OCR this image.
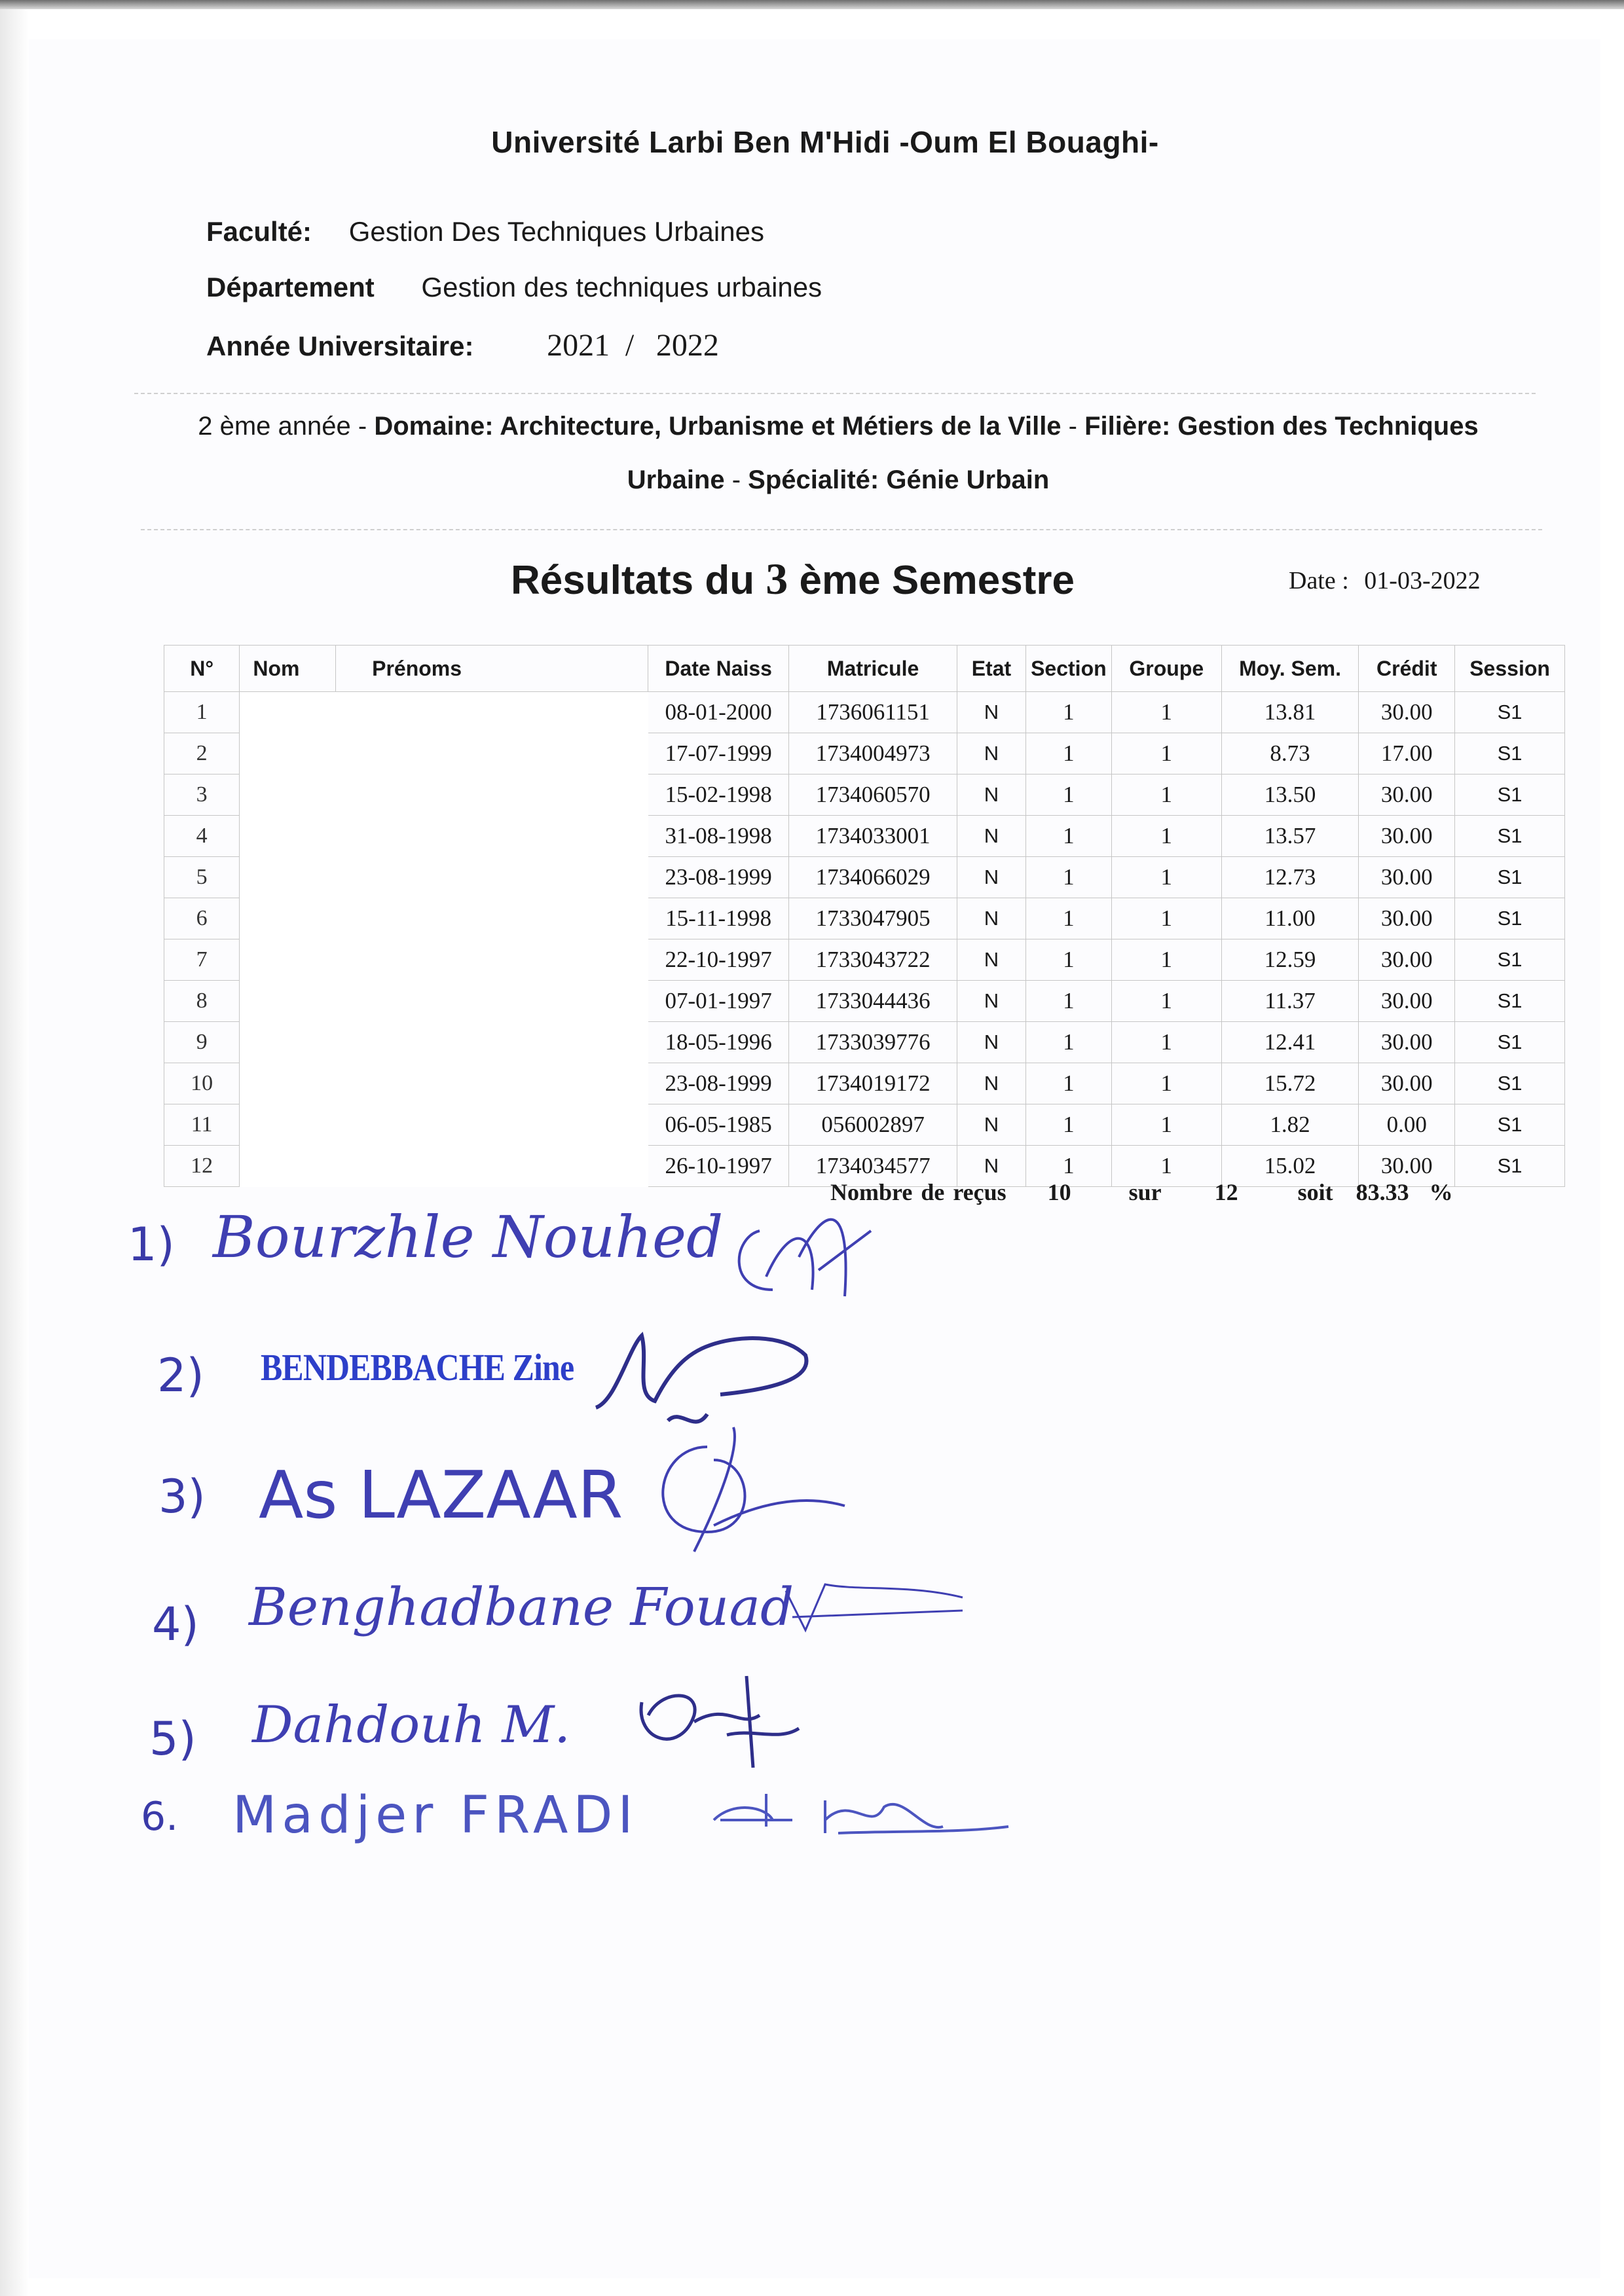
Université Larbi Ben M'Hidi -Oum El Bouaghi-
Faculté: Gestion Des Techniques Urbaines
Département Gestion des techniques urbaines
Année Universitaire: 2021 / 2022
2 ème année - Domaine: Architecture, Urbanisme et Métiers de la Ville - Filière: Gestion des Techniques Urbaine - Spécialité: Génie Urbain
Résultats du 3 ème Semestre	Date : 01-03-2022
N°	Nom	Prénoms	Date Naiss	Matricule	Etat	Section	Groupe	Moy. Sem.	Crédit	Session
1			08-01-2000	1736061151	N	1	1	13.81	30.00	S1
2			17-07-1999	1734004973	N	1	1	8.73	17.00	S1
3			15-02-1998	1734060570	N	1	1	13.50	30.00	S1
4			31-08-1998	1734033001	N	1	1	13.57	30.00	S1
5			23-08-1999	1734066029	N	1	1	12.73	30.00	S1
6			15-11-1998	1733047905	N	1	1	11.00	30.00	S1
7			22-10-1997	1733043722	N	1	1	12.59	30.00	S1
8			07-01-1997	1733044436	N	1	1	11.37	30.00	S1
9			18-05-1996	1733039776	N	1	1	12.41	30.00	S1
10			23-08-1999	1734019172	N	1	1	15.72	30.00	S1
11			06-05-1985	056002897	N	1	1	1.82	0.00	S1
12			26-10-1997	1734034577	N	1	1	15.02	30.00	S1
Nombre de reçus 10 sur 12	soit 83.33 %
1) Bourzhle Nouhed
2) BENDEBBACHE Zine
3) As LAZAAR
4) Benghadbane Fouad
5) Dahdouh M.
6. Madjer FRADI
